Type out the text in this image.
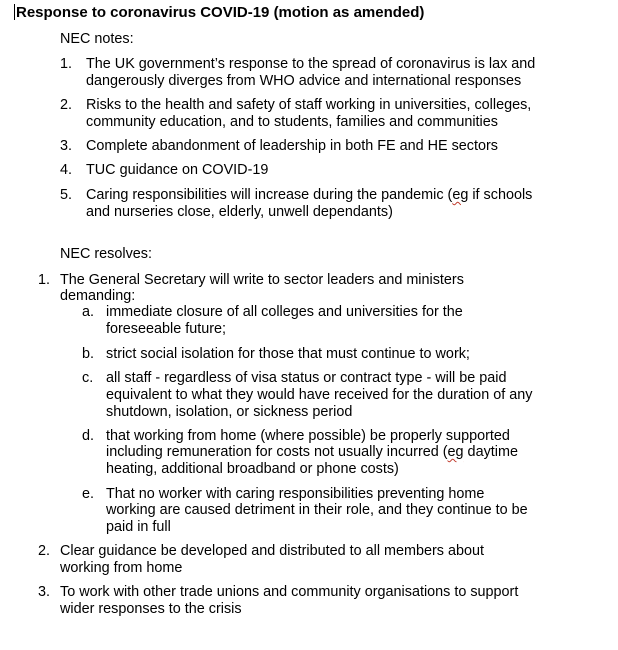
Response to coronavirus COVID-19 (motion as amended)
NEC notes:
1. The UK government’s response to the spread of coronavirus is lax and
dangerously diverges from WHO advice and international responses
2. Risks to the health and safety of staff working in universities, colleges,
community education, and to students, families and communities
3. Complete abandonment of leadership in both FE and HE sectors
4. TUC guidance on COVID-19
5. Caring responsibilities will increase during the pandemic (eg if schools
and nurseries close, elderly, unwell dependants)
NEC resolves:
1. The General Secretary will write to sector leaders and ministers
demanding:
a. immediate closure of all colleges and universities for the
foreseeable future;
b. strict social isolation for those that must continue to work;
c. all staff - regardless of visa status or contract type - will be paid
equivalent to what they would have received for the duration of any
shutdown, isolation, or sickness period
d. that working from home (where possible) be properly supported
including remuneration for costs not usually incurred (eg daytime
heating, additional broadband or phone costs)
e. That no worker with caring responsibilities preventing home
working are caused detriment in their role, and they continue to be
paid in full
2. Clear guidance be developed and distributed to all members about
working from home
3. To work with other trade unions and community organisations to support
wider responses to the crisis
